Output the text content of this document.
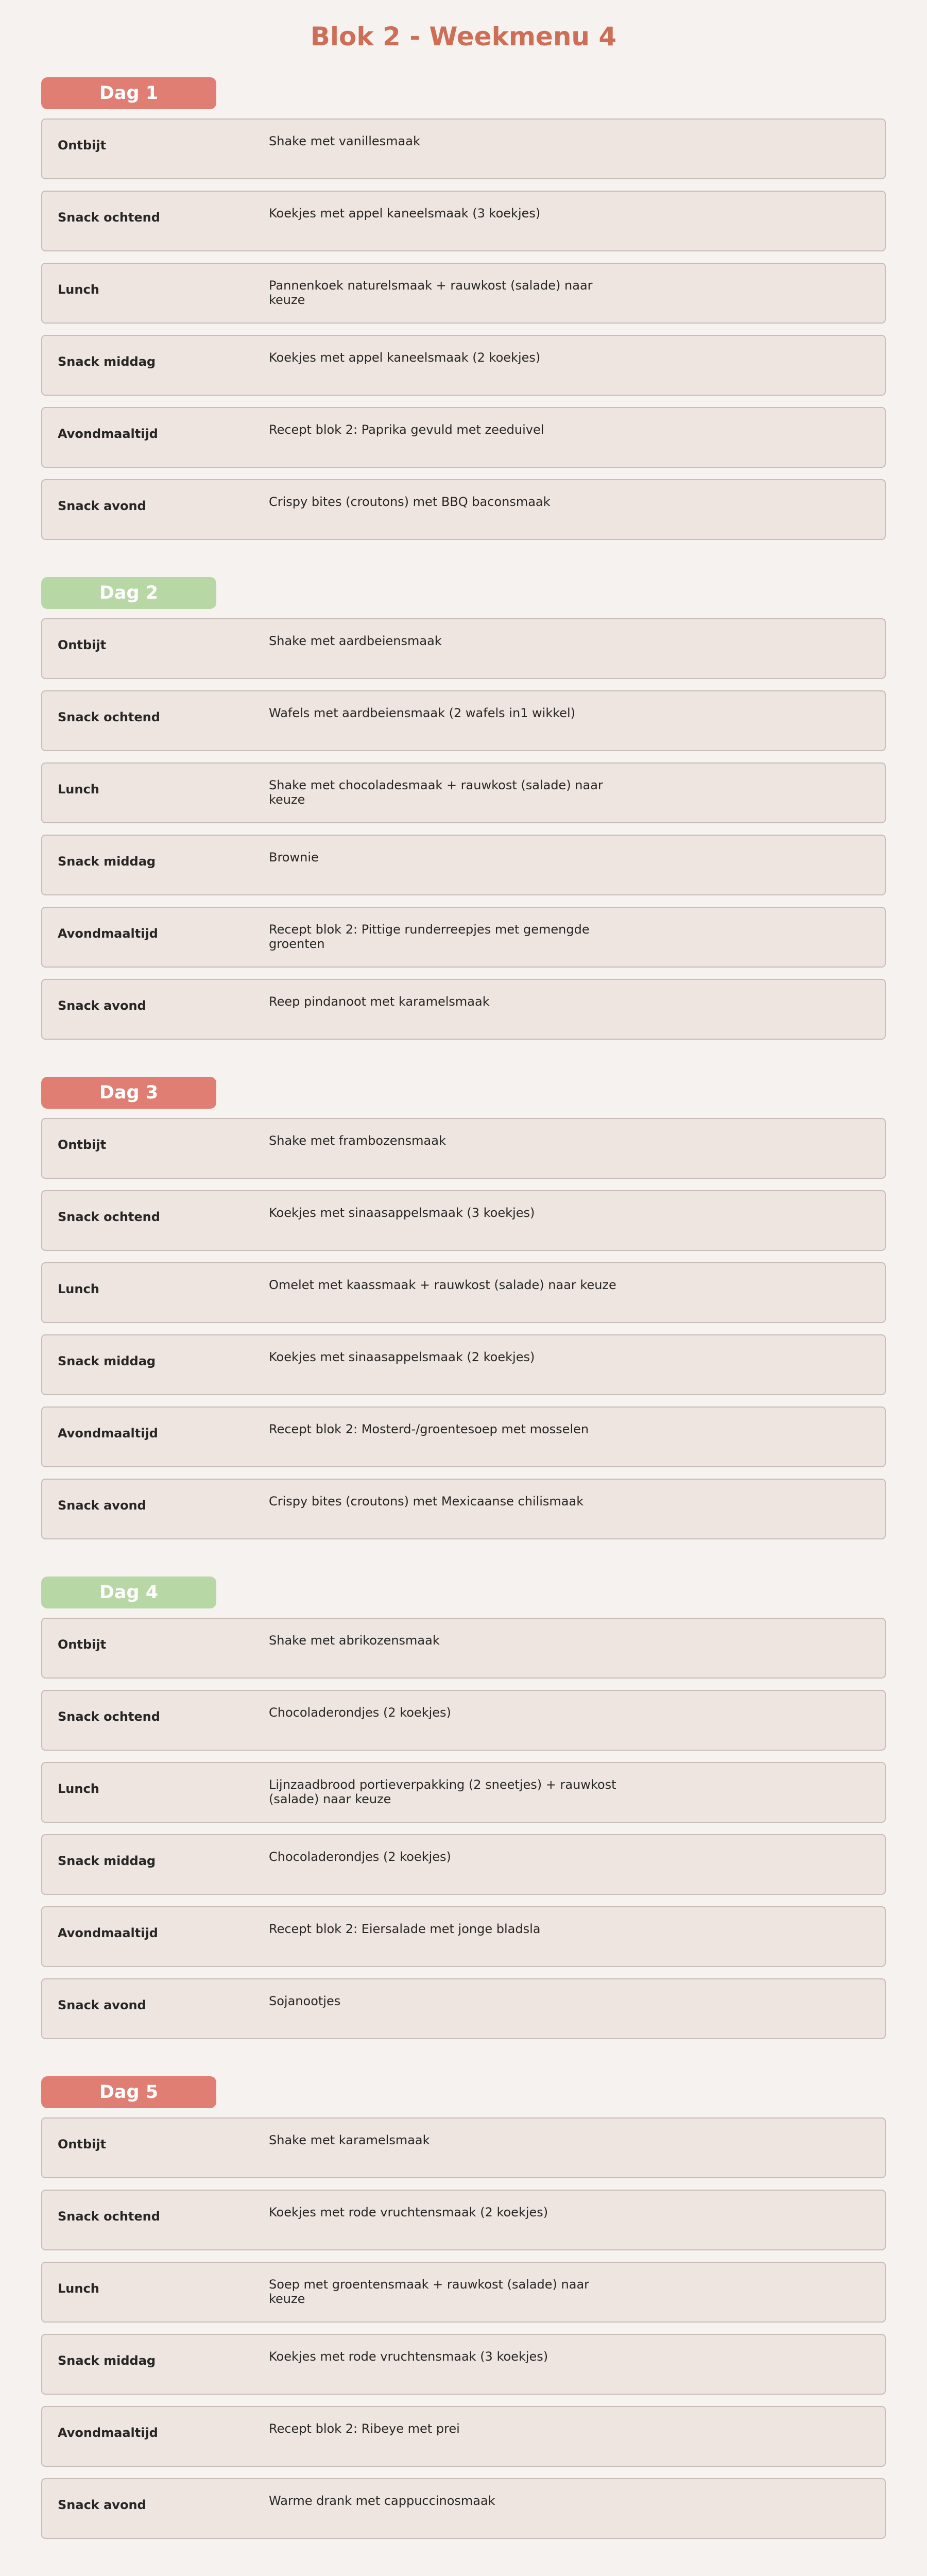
Blok 2 - Weekmenu 4
Dag 1
Ontbijt	Shake met vanillesmaak
Snack ochtend	Koekjes met appel kaneelsmaak (3 koekjes)
Lunch	Pannenkoek naturelsmaak + rauwkost (salade) naar keuze
Snack middag	Koekjes met appel kaneelsmaak (2 koekjes)
Avondmaaltijd	Recept blok 2: Paprika gevuld met zeeduivel
Snack avond	Crispy bites (croutons) met BBQ baconsmaak
Dag 2
Ontbijt	Shake met aardbeiensmaak
Snack ochtend	Wafels met aardbeiensmaak (2 wafels in1 wikkel)
Lunch	Shake met chocoladesmaak + rauwkost (salade) naar keuze
Snack middag	Brownie
Avondmaaltijd	Recept blok 2: Pittige runderreepjes met gemengde groenten
Snack avond	Reep pindanoot met karamelsmaak
Dag 3
Ontbijt	Shake met frambozensmaak
Snack ochtend	Koekjes met sinaasappelsmaak (3 koekjes)
Lunch	Omelet met kaassmaak + rauwkost (salade) naar keuze
Snack middag	Koekjes met sinaasappelsmaak (2 koekjes)
Avondmaaltijd	Recept blok 2: Mosterd-/groentesoep met mosselen
Snack avond	Crispy bites (croutons) met Mexicaanse chilismaak
Dag 4
Ontbijt	Shake met abrikozensmaak
Snack ochtend	Chocoladerondjes (2 koekjes)
Lunch	Lijnzaadbrood portieverpakking (2 sneetjes) + rauwkost (salade) naar keuze
Snack middag	Chocoladerondjes (2 koekjes)
Avondmaaltijd	Recept blok 2: Eiersalade met jonge bladsla
Snack avond	Sojanootjes
Dag 5
Ontbijt	Shake met karamelsmaak
Snack ochtend	Koekjes met rode vruchtensmaak (2 koekjes)
Lunch	Soep met groentensmaak + rauwkost (salade) naar keuze
Snack middag	Koekjes met rode vruchtensmaak (3 koekjes)
Avondmaaltijd	Recept blok 2: Ribeye met prei
Snack avond	Warme drank met cappuccinosmaak
